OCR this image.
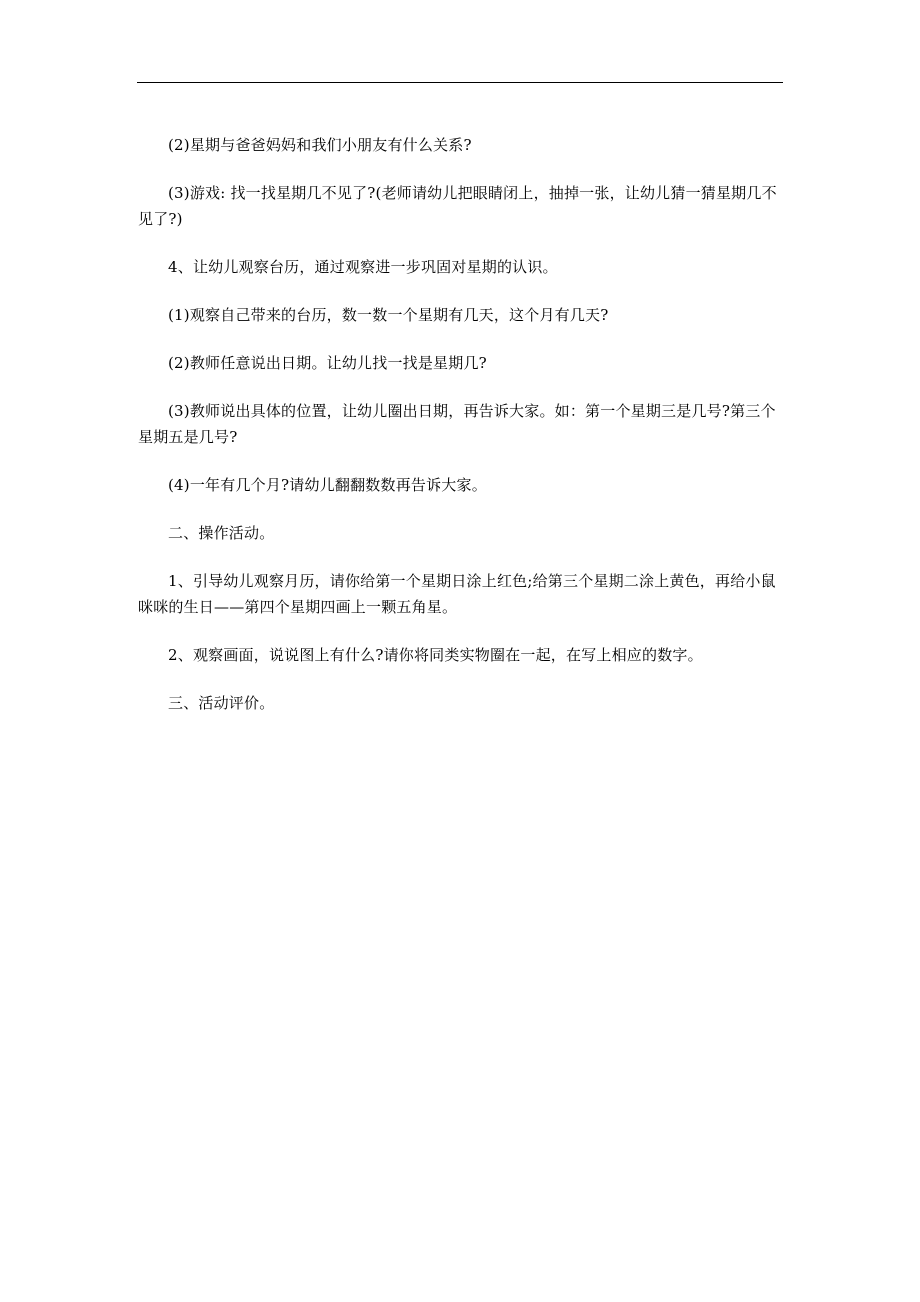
(2)星期与爸爸妈妈和我们小朋友有什么关系?

(3)游戏: 找一找星期几不见了?(老师请幼儿把眼睛闭上，抽掉一张，让幼儿猜一猜星期几不见了?)

4、让幼儿观察台历，通过观察进一步巩固对星期的认识。

(1)观察自己带来的台历，数一数一个星期有几天，这个月有几天?

(2)教师任意说出日期。让幼儿找一找是星期几?

(3)教师说出具体的位置，让幼儿圈出日期，再告诉大家。如：第一个星期三是几号?第三个星期五是几号?

(4)一年有几个月?请幼儿翻翻数数再告诉大家。

二、操作活动。

1、引导幼儿观察月历，请你给第一个星期日涂上红色;给第三个星期二涂上黄色，再给小鼠咪咪的生日——第四个星期四画上一颗五角星。

2、观察画面，说说图上有什么?请你将同类实物圈在一起，在写上相应的数字。

三、活动评价。
